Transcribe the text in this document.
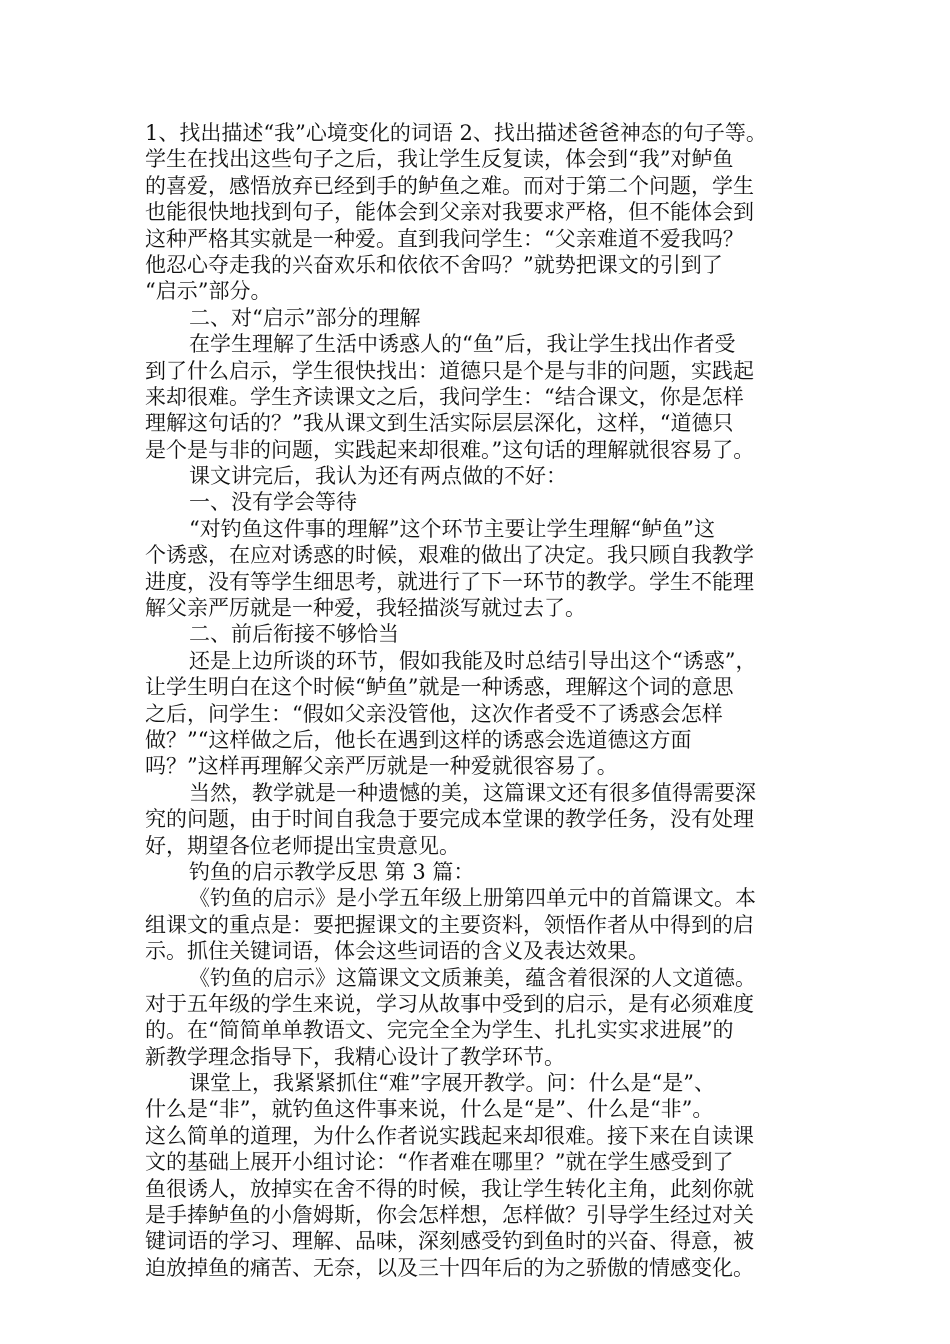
1、找出描述“我”心境变化的词语 2、找出描述爸爸神态的句子等。
学生在找出这些句子之后，我让学生反复读，体会到“我”对鲈鱼
的喜爱，感悟放弃已经到手的鲈鱼之难。而对于第二个问题，学生
也能很快地找到句子，能体会到父亲对我要求严格，但不能体会到
这种严格其实就是一种爱。直到我问学生：“父亲难道不爱我吗？
他忍心夺走我的兴奋欢乐和依依不舍吗？”就势把课文的引到了
“启示”部分。
二、对“启示”部分的理解
在学生理解了生活中诱惑人的“鱼”后，我让学生找出作者受
到了什么启示，学生很快找出：道德只是个是与非的问题，实践起
来却很难。学生齐读课文之后，我问学生：“结合课文，你是怎样
理解这句话的？”我从课文到生活实际层层深化，这样，“道德只
是个是与非的问题，实践起来却很难。”这句话的理解就很容易了。
课文讲完后，我认为还有两点做的不好：
一、没有学会等待
“对钓鱼这件事的理解”这个环节主要让学生理解“鲈鱼”这
个诱惑，在应对诱惑的时候，艰难的做出了决定。我只顾自我教学
进度，没有等学生细思考，就进行了下一环节的教学。学生不能理
解父亲严厉就是一种爱，我轻描淡写就过去了。
二、前后衔接不够恰当
还是上边所谈的环节，假如我能及时总结引导出这个“诱惑”，
让学生明白在这个时候“鲈鱼”就是一种诱惑，理解这个词的意思
之后，问学生：“假如父亲没管他，这次作者受不了诱惑会怎样
做？”“这样做之后，他长在遇到这样的诱惑会选道德这方面
吗？”这样再理解父亲严厉就是一种爱就很容易了。
当然，教学就是一种遗憾的美，这篇课文还有很多值得需要深
究的问题，由于时间自我急于要完成本堂课的教学任务，没有处理
好，期望各位老师提出宝贵意见。
钓鱼的启示教学反思 第 3 篇：
《钓鱼的启示》是小学五年级上册第四单元中的首篇课文。本
组课文的重点是：要把握课文的主要资料，领悟作者从中得到的启
示。抓住关键词语，体会这些词语的含义及表达效果。
《钓鱼的启示》这篇课文文质兼美，蕴含着很深的人文道德。
对于五年级的学生来说，学习从故事中受到的启示，是有必须难度
的。在“简简单单教语文、完完全全为学生、扎扎实实求进展”的
新教学理念指导下，我精心设计了教学环节。
课堂上，我紧紧抓住“难”字展开教学。问：什么是“是”、
什么是“非”，就钓鱼这件事来说，什么是“是”、什么是“非”。
这么简单的道理，为什么作者说实践起来却很难。接下来在自读课
文的基础上展开小组讨论：“作者难在哪里？”就在学生感受到了
鱼很诱人，放掉实在舍不得的时候，我让学生转化主角，此刻你就
是手捧鲈鱼的小詹姆斯，你会怎样想，怎样做？引导学生经过对关
键词语的学习、理解、品味，深刻感受钓到鱼时的兴奋、得意，被
迫放掉鱼的痛苦、无奈，以及三十四年后的为之骄傲的情感变化。
